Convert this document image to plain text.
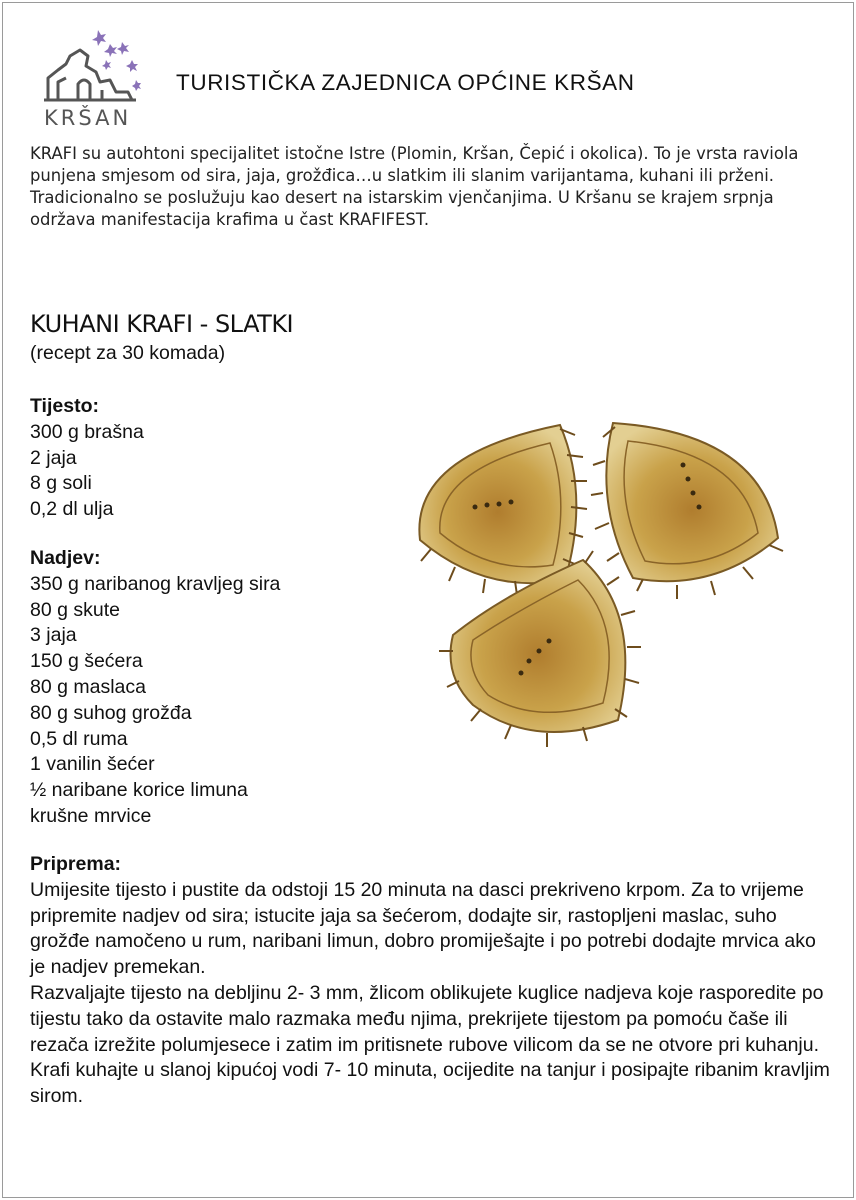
KRŠAN
TURISTIČKA ZAJEDNICA OPĆINE KRŠAN
KRAFI su autohtoni specijalitet istočne Istre (Plomin, Kršan, Čepić i okolica). To je vrsta raviola punjena smjesom od sira, jaja, grožđica…u slatkim ili slanim varijantama, kuhani ili prženi. Tradicionalno se poslužuju kao desert na istarskim vjenčanjima. U Kršanu se krajem srpnja održava manifestacija krafima u čast KRAFIFEST.
KUHANI KRAFI - SLATKI
(recept za 30 komada)
Tijesto:
300 g brašna
2 jaja
8 g soli
0,2 dl ulja
Nadjev:
350 g naribanog kravljeg sira
80 g skute
3 jaja
150 g šećera
80 g maslaca
80 g suhog grožđa
0,5 dl ruma
1 vanilin šećer
½ naribane korice limuna
krušne mrvice
Priprema:

Umijesite tijesto i pustite da odstoji 15 20 minuta na dasci prekriveno krpom. Za to vrijeme pripremite nadjev od sira; istucite jaja sa šećerom, dodajte sir, rastopljeni maslac, suho grožđe namočeno u rum, naribani limun, dobro promiješajte i po potrebi dodajte mrvica ako je nadjev premekan.

Razvaljajte tijesto na debljinu 2- 3 mm, žlicom oblikujete kuglice nadjeva koje rasporedite po tijestu tako da ostavite malo razmaka među njima, prekrijete tijestom pa pomoću čaše ili rezača izrežite polumjesece i zatim im pritisnete rubove vilicom da se ne otvore pri kuhanju.

Krafi kuhajte u slanoj kipućoj vodi 7- 10 minuta, ocijedite na tanjur i posipajte ribanim kravljim sirom.
